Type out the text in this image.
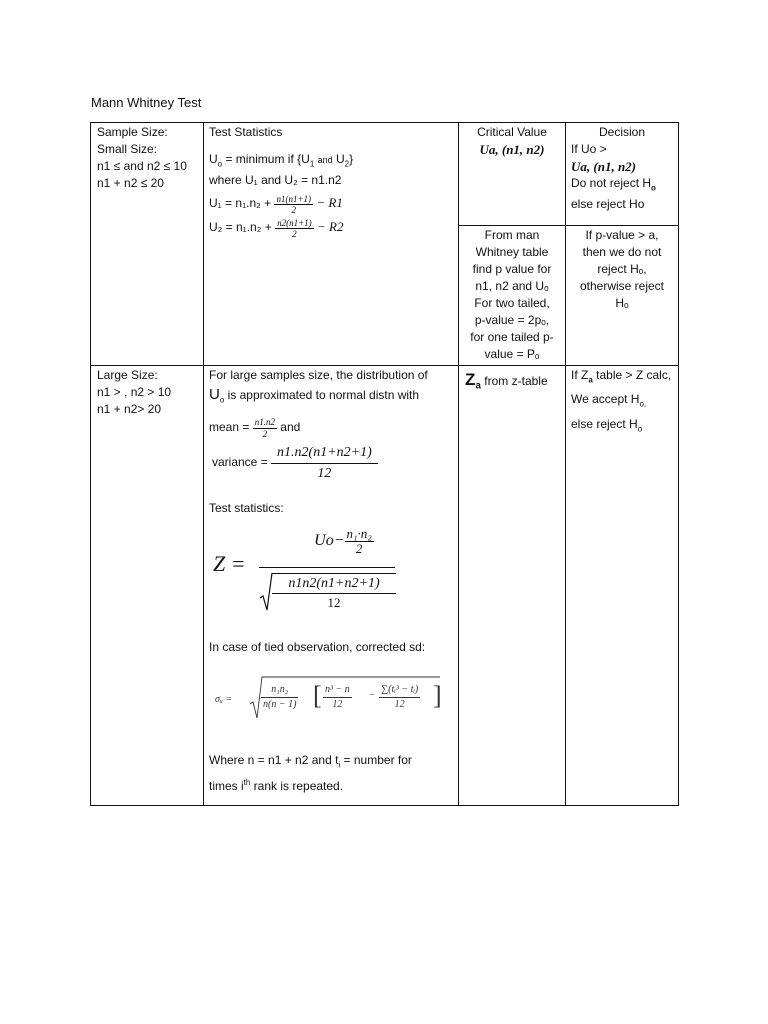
Mann Whitney Test
Sample Size:
Small Size:
n1 ≤ and n2 ≤ 10
n1 + n2 ≤ 20
Test Statistics
$U_o$ = minimum if {$U_1$ and $U_2$}
where U₁ and U₂ = n1.n2
$U_1 = n_1.n_2 + \frac{n1(n1+1)}{2} - R1$
$U_2 = n_1.n_2 + \frac{n2(n1+1)}{2} - R2$
Critical Value
Ua, (n1, n2)
Decision
If Uo >
Ua, (n1, n2)
Do not reject $H_o$
else reject Ho
From man
Whitney table
find p value for
n1, n2 and Uₒ
For two tailed,
p-value = 2pₒ,
for one tailed p-
value = Pₒ
If p-value > a,
then we do not
reject Hₒ,
otherwise reject
Hₒ
Large Size:
n1 > , n2 > 10
n1 + n2> 20
For large samples size, the distribution of
$U_o$ is approximated to normal distn with
mean = $\frac{n1.n2}{2}$ and
variance = $\frac{n1.n2(n1+n2+1)}{12}$
Test statistics:
Z =
$Uo- \frac{\text{n₁·n₂}}{2}$
n1n2(n1+n2+1)
12
In case of tied observation, corrected sd:
σᵤ =	$\frac{\text{n₁n₂}}{n(n - 1)}$ [ $\frac{\text{n³ − n}}{12} - \frac{\text{∑(tᵢ³ − tᵢ)}}{12}$ ]
Where n = n1 + n2 and $t_i$ = number for
times $i^{th}$ rank is repeated.
$Z_a$ from z-table If $Z_a$ table > Z calc,
We accept $H_{o,}$
else reject $H_o$
